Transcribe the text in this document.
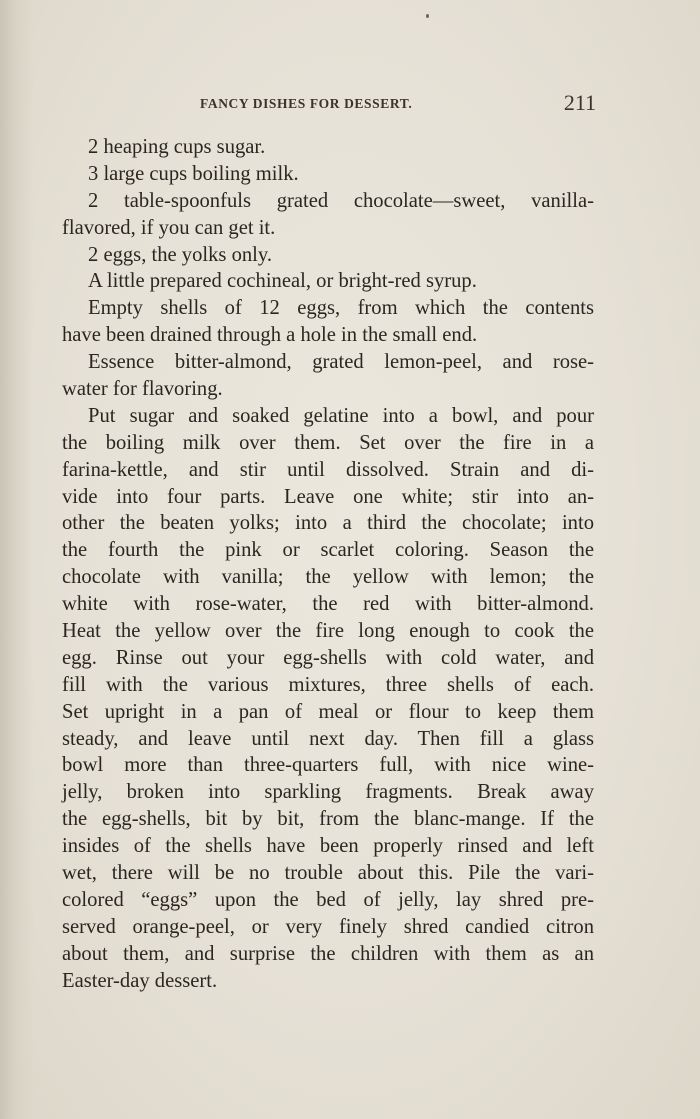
FANCY DISHES FOR DESSERT.	211
2 heaping cups sugar.
3 large cups boiling milk.
2 table-spoonfuls grated chocolate—sweet, vanilla-
flavored, if you can get it.
2 eggs, the yolks only.
A little prepared cochineal, or bright-red syrup.
Empty shells of 12 eggs, from which the contents
have been drained through a hole in the small end.
Essence bitter-almond, grated lemon-peel, and rose-
water for flavoring.
Put sugar and soaked gelatine into a bowl, and pour
the boiling milk over them. Set over the fire in a
farina-kettle, and stir until dissolved. Strain and di-
vide into four parts. Leave one white; stir into an-
other the beaten yolks; into a third the chocolate; into
the fourth the pink or scarlet coloring. Season the
chocolate with vanilla; the yellow with lemon; the
white with rose-water, the red with bitter-almond.
Heat the yellow over the fire long enough to cook the
egg. Rinse out your egg-shells with cold water, and
fill with the various mixtures, three shells of each.
Set upright in a pan of meal or flour to keep them
steady, and leave until next day. Then fill a glass
bowl more than three-quarters full, with nice wine-
jelly, broken into sparkling fragments. Break away
the egg-shells, bit by bit, from the blanc-mange. If the
insides of the shells have been properly rinsed and left
wet, there will be no trouble about this. Pile the vari-
colored “eggs” upon the bed of jelly, lay shred pre-
served orange-peel, or very finely shred candied citron
about them, and surprise the children with them as an
Easter-day dessert.
